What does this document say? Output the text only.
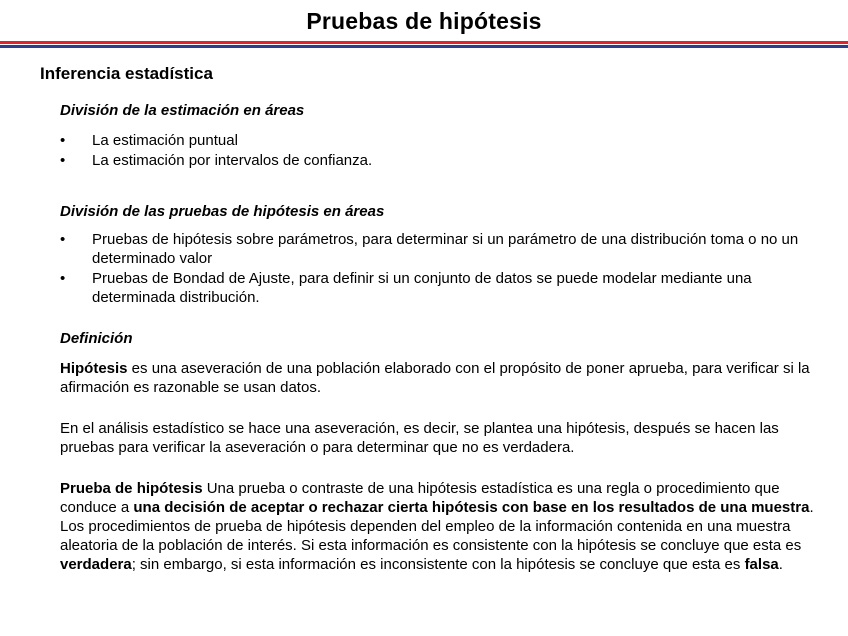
Pruebas de hipótesis
Inferencia estadística
División de la estimación en áreas
• La estimación puntual
• La estimación por intervalos de confianza.
División de las pruebas de hipótesis en áreas
• Pruebas de hipótesis sobre parámetros, para determinar si un parámetro de una distribución toma o no un determinado valor
• Pruebas de Bondad de Ajuste, para definir si un conjunto de datos se puede modelar mediante una determinada distribución.
Definición
Hipótesis es una aseveración de una población elaborado con el propósito de poner aprueba, para verificar si la afirmación es razonable se usan datos.
En el análisis estadístico se hace una aseveración, es decir, se plantea una hipótesis, después se hacen las pruebas para verificar la aseveración o para determinar que no es verdadera.
Prueba de hipótesis Una prueba o contraste de una hipótesis estadística es una regla o procedimiento que conduce a una decisión de aceptar o rechazar cierta hipótesis con base en los resultados de una muestra. Los procedimientos de prueba de hipótesis dependen del empleo de la información contenida en una muestra aleatoria de la población de interés. Si esta información es consistente con la hipótesis se concluye que esta es verdadera; sin embargo, si esta información es inconsistente con la hipótesis se concluye que esta es falsa.
